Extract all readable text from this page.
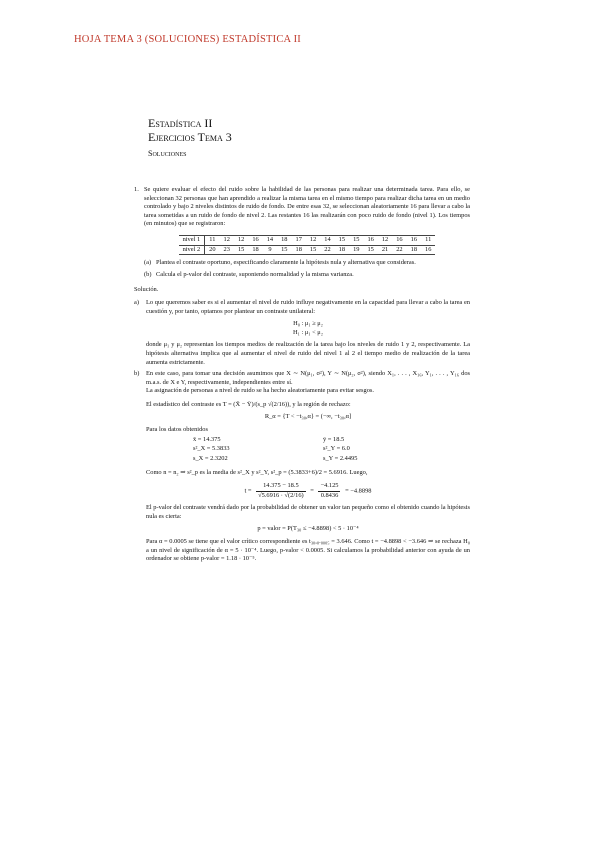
HOJA TEMA 3 (SOLUCIONES) ESTADÍSTICA II
Estadística II
Ejercicios Tema 3
Soluciones
1. Se quiere evaluar el efecto del ruido sobre la habilidad de las personas para realizar una determinada tarea. Para ello, se seleccionan 32 personas que han aprendido a realizar la misma tarea en el mismo tiempo para realizar dicha tarea en un medio controlado y bajo 2 niveles distintos de ruido de fondo. De entre esas 32, se seleccionan aleatoriamente 16 para llevar a cabo la tarea sometidas a un ruido de fondo de nivel 2. Las restantes 16 las realizarán con poco ruido de fondo (nivel 1). Los tiempos (en minutos) que se registraron:
nivel 1	11	12	12	16	14	18	17	12	14	15	15	16	12	16	16	11
nivel 2	20	23	15	18	9	15	18	15	22	18	19	15	21	22	18	16
(a) Plantea el contraste oportuno, especificando claramente la hipótesis nula y alternativa que consideras.
(b) Calcula el p-valor del contraste, suponiendo normalidad y la misma varianza.
Solución.
a) Lo que queremos saber es si el aumentar el nivel de ruido influye negativamente en la capacidad para llevar a cabo la tarea en cuestión y, por tanto, optamos por plantear un contraste unilateral:
H₀ : μ₁ ≥ μ₂
H₁ : μ₁ < μ₂
donde μ₁ y μ₂ representan los tiempos medios de realización de la tarea bajo los niveles de ruido 1 y 2, respectivamente. La hipótesis alternativa implica que al aumentar el nivel de ruido del nivel 1 al 2 el tiempo medio de realización de la tarea aumenta estrictamente.
b) En este caso, para tomar una decisión asumimos que X ∼ N(μ₁, σ²), Y ∼ N(μ₂, σ²), siendo X₁, . . . , X₁₆, Y₁, . . . , Y₁₆ dos m.a.s. de X e Y, respectivamente, independientes entre sí.
La asignación de personas a nivel de ruido se ha hecho aleatoriamente para evitar sesgos.
El estadístico del contraste es T = (X̄ − Ȳ)/(s_p √(2/16)), y la región de rechazo:
R_α = {T < −t₃₀,α} = (−∞, −t₃₀,α]
Para los datos obtenidos
x̄ = 14.375	ȳ = 18.5
s²_X = 5.3833	s²_Y = 6.0
s_X = 2.3202	s_Y = 2.4495
Como n = n₂ ⇒ s²_p es la media de s²_X y s²_Y, s²_p = (5.3833+6)/2 = 5.6916. Luego,
$t = \frac{14.375 - 18.5}{√5.6916 \cdot √(2/16)} = \frac{-4.125}{0.8436} = -4.8898$
El p-valor del contraste vendrá dado por la probabilidad de obtener un valor tan pequeño como el obtenido cuando la hipótesis nula es cierta:
p = valor = P(T₃₀ ≤ −4.8898) < 5 · 10⁻⁴
Para α = 0.0005 se tiene que el valor crítico correspondiente es t₃₀,₀.₀₀₀₅ = 3.646. Como t = −4.8898 < −3.646 ⇒ se rechaza H₀ a un nivel de significación de α = 5 · 10⁻⁴. Luego, p-valor < 0.0005. Si calculamos la probabilidad anterior con ayuda de un ordenador se obtiene p-valor = 1.18 · 10⁻⁵.
